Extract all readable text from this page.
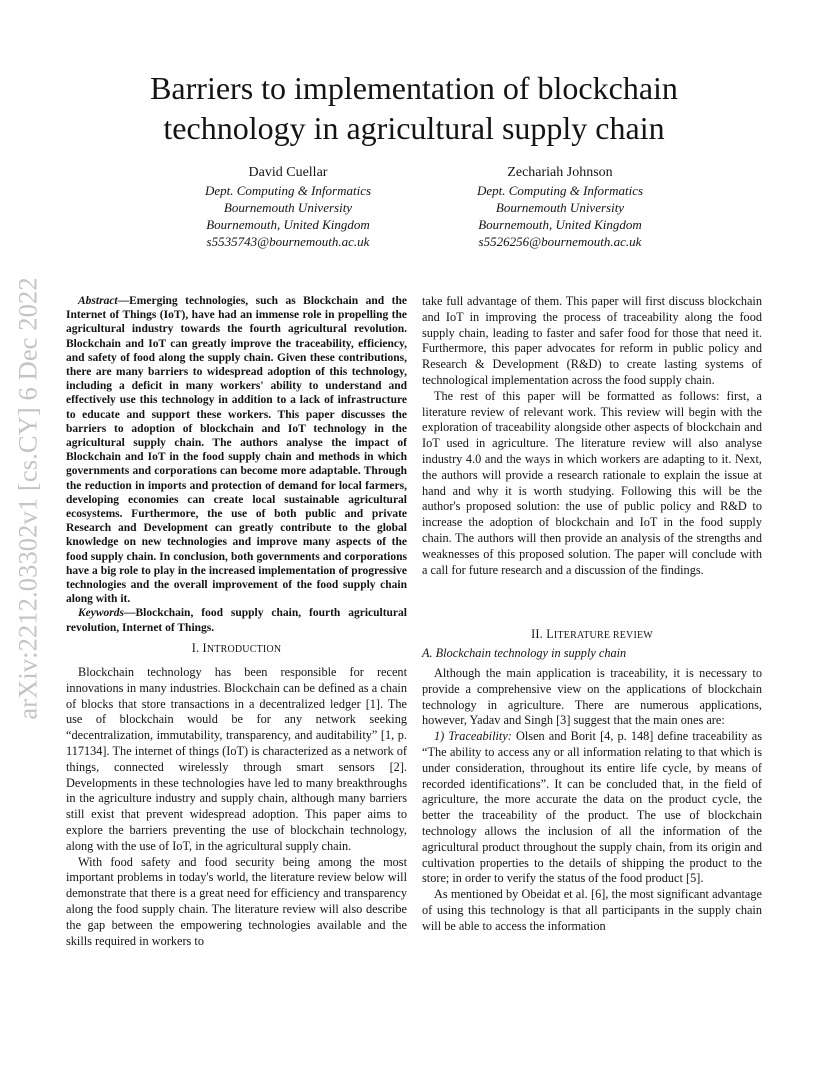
arXiv:2212.03302v1 [cs.CY] 6 Dec 2022
Barriers to implementation of blockchain
technology in agricultural supply chain
David Cuellar
Dept. Computing & Informatics
Bournemouth University
Bournemouth, United Kingdom
s5535743@bournemouth.ac.uk
Zechariah Johnson
Dept. Computing & Informatics
Bournemouth University
Bournemouth, United Kingdom
s5526256@bournemouth.ac.uk

Abstract—Emerging technologies, such as Blockchain and the Internet of Things (IoT), have had an immense role in propelling the agricultural industry towards the fourth agricultural revolution. Blockchain and IoT can greatly improve the traceability, efficiency, and safety of food along the supply chain. Given these contributions, there are many barriers to widespread adoption of this technology, including a deficit in many workers' ability to understand and effectively use this technology in addition to a lack of infrastructure to educate and support these workers. This paper discusses the barriers to adoption of blockchain and IoT technology in the agricultural supply chain. The authors analyse the impact of Blockchain and IoT in the food supply chain and methods in which governments and corporations can become more adaptable. Through the reduction in imports and protection of demand for local farmers, developing economies can create local sustainable agricultural ecosystems. Furthermore, the use of both public and private Research and Development can greatly contribute to the global knowledge on new technologies and improve many aspects of the food supply chain. In conclusion, both governments and corporations have a big role to play in the increased implementation of progressive technologies and the overall improvement of the food supply chain along with it.

Keywords—Blockchain, food supply chain, fourth agricultural revolution, Internet of Things.

I. INTRODUCTION

Blockchain technology has been responsible for recent innovations in many industries. Blockchain can be defined as a chain of blocks that store transactions in a decentralized ledger [1]. The use of blockchain would be for any network seeking “decentralization, immutability, transparency, and auditability” [1, p. 117134]. The internet of things (IoT) is characterized as a network of things, connected wirelessly through smart sensors [2]. Developments in these technologies have led to many breakthroughs in the agriculture industry and supply chain, although many barriers still exist that prevent widespread adoption. This paper aims to explore the barriers preventing the use of blockchain technology, along with the use of IoT, in the agricultural supply chain.

With food safety and food security being among the most important problems in today's world, the literature review below will demonstrate that there is a great need for efficiency and transparency along the food supply chain. The literature review will also describe the gap between the empowering technologies available and the skills required in workers to

take full advantage of them. This paper will first discuss blockchain and IoT in improving the process of traceability along the food supply chain, leading to faster and safer food for those that need it. Furthermore, this paper advocates for reform in public policy and Research & Development (R&D) to create lasting systems of technological implementation across the food supply chain.

The rest of this paper will be formatted as follows: first, a literature review of relevant work. This review will begin with the exploration of traceability alongside other aspects of blockchain and IoT used in agriculture. The literature review will also analyse industry 4.0 and the ways in which workers are adapting to it. Next, the authors will provide a research rationale to explain the issue at hand and why it is worth studying. Following this will be the author's proposed solution: the use of public policy and R&D to increase the adoption of blockchain and IoT in the food supply chain. The authors will then provide an analysis of the strengths and weaknesses of this proposed solution. The paper will conclude with a call for future research and a discussion of the findings.

II. LITERATURE REVIEW
A. Blockchain technology in supply chain

Although the main application is traceability, it is necessary to provide a comprehensive view on the applications of blockchain technology in agriculture. There are numerous applications, however, Yadav and Singh [3] suggest that the main ones are:

1) Traceability: Olsen and Borit [4, p. 148] define traceability as “The ability to access any or all information relating to that which is under consideration, throughout its entire life cycle, by means of recorded identifications”. It can be concluded that, in the field of agriculture, the more accurate the data on the product cycle, the better the traceability of the product. The use of blockchain technology allows the inclusion of all the information of the agricultural product throughout the supply chain, from its origin and cultivation properties to the details of shipping the product to the store; in order to verify the status of the food product [5].

As mentioned by Obeidat et al. [6], the most significant advantage of using this technology is that all participants in the supply chain will be able to access the information
